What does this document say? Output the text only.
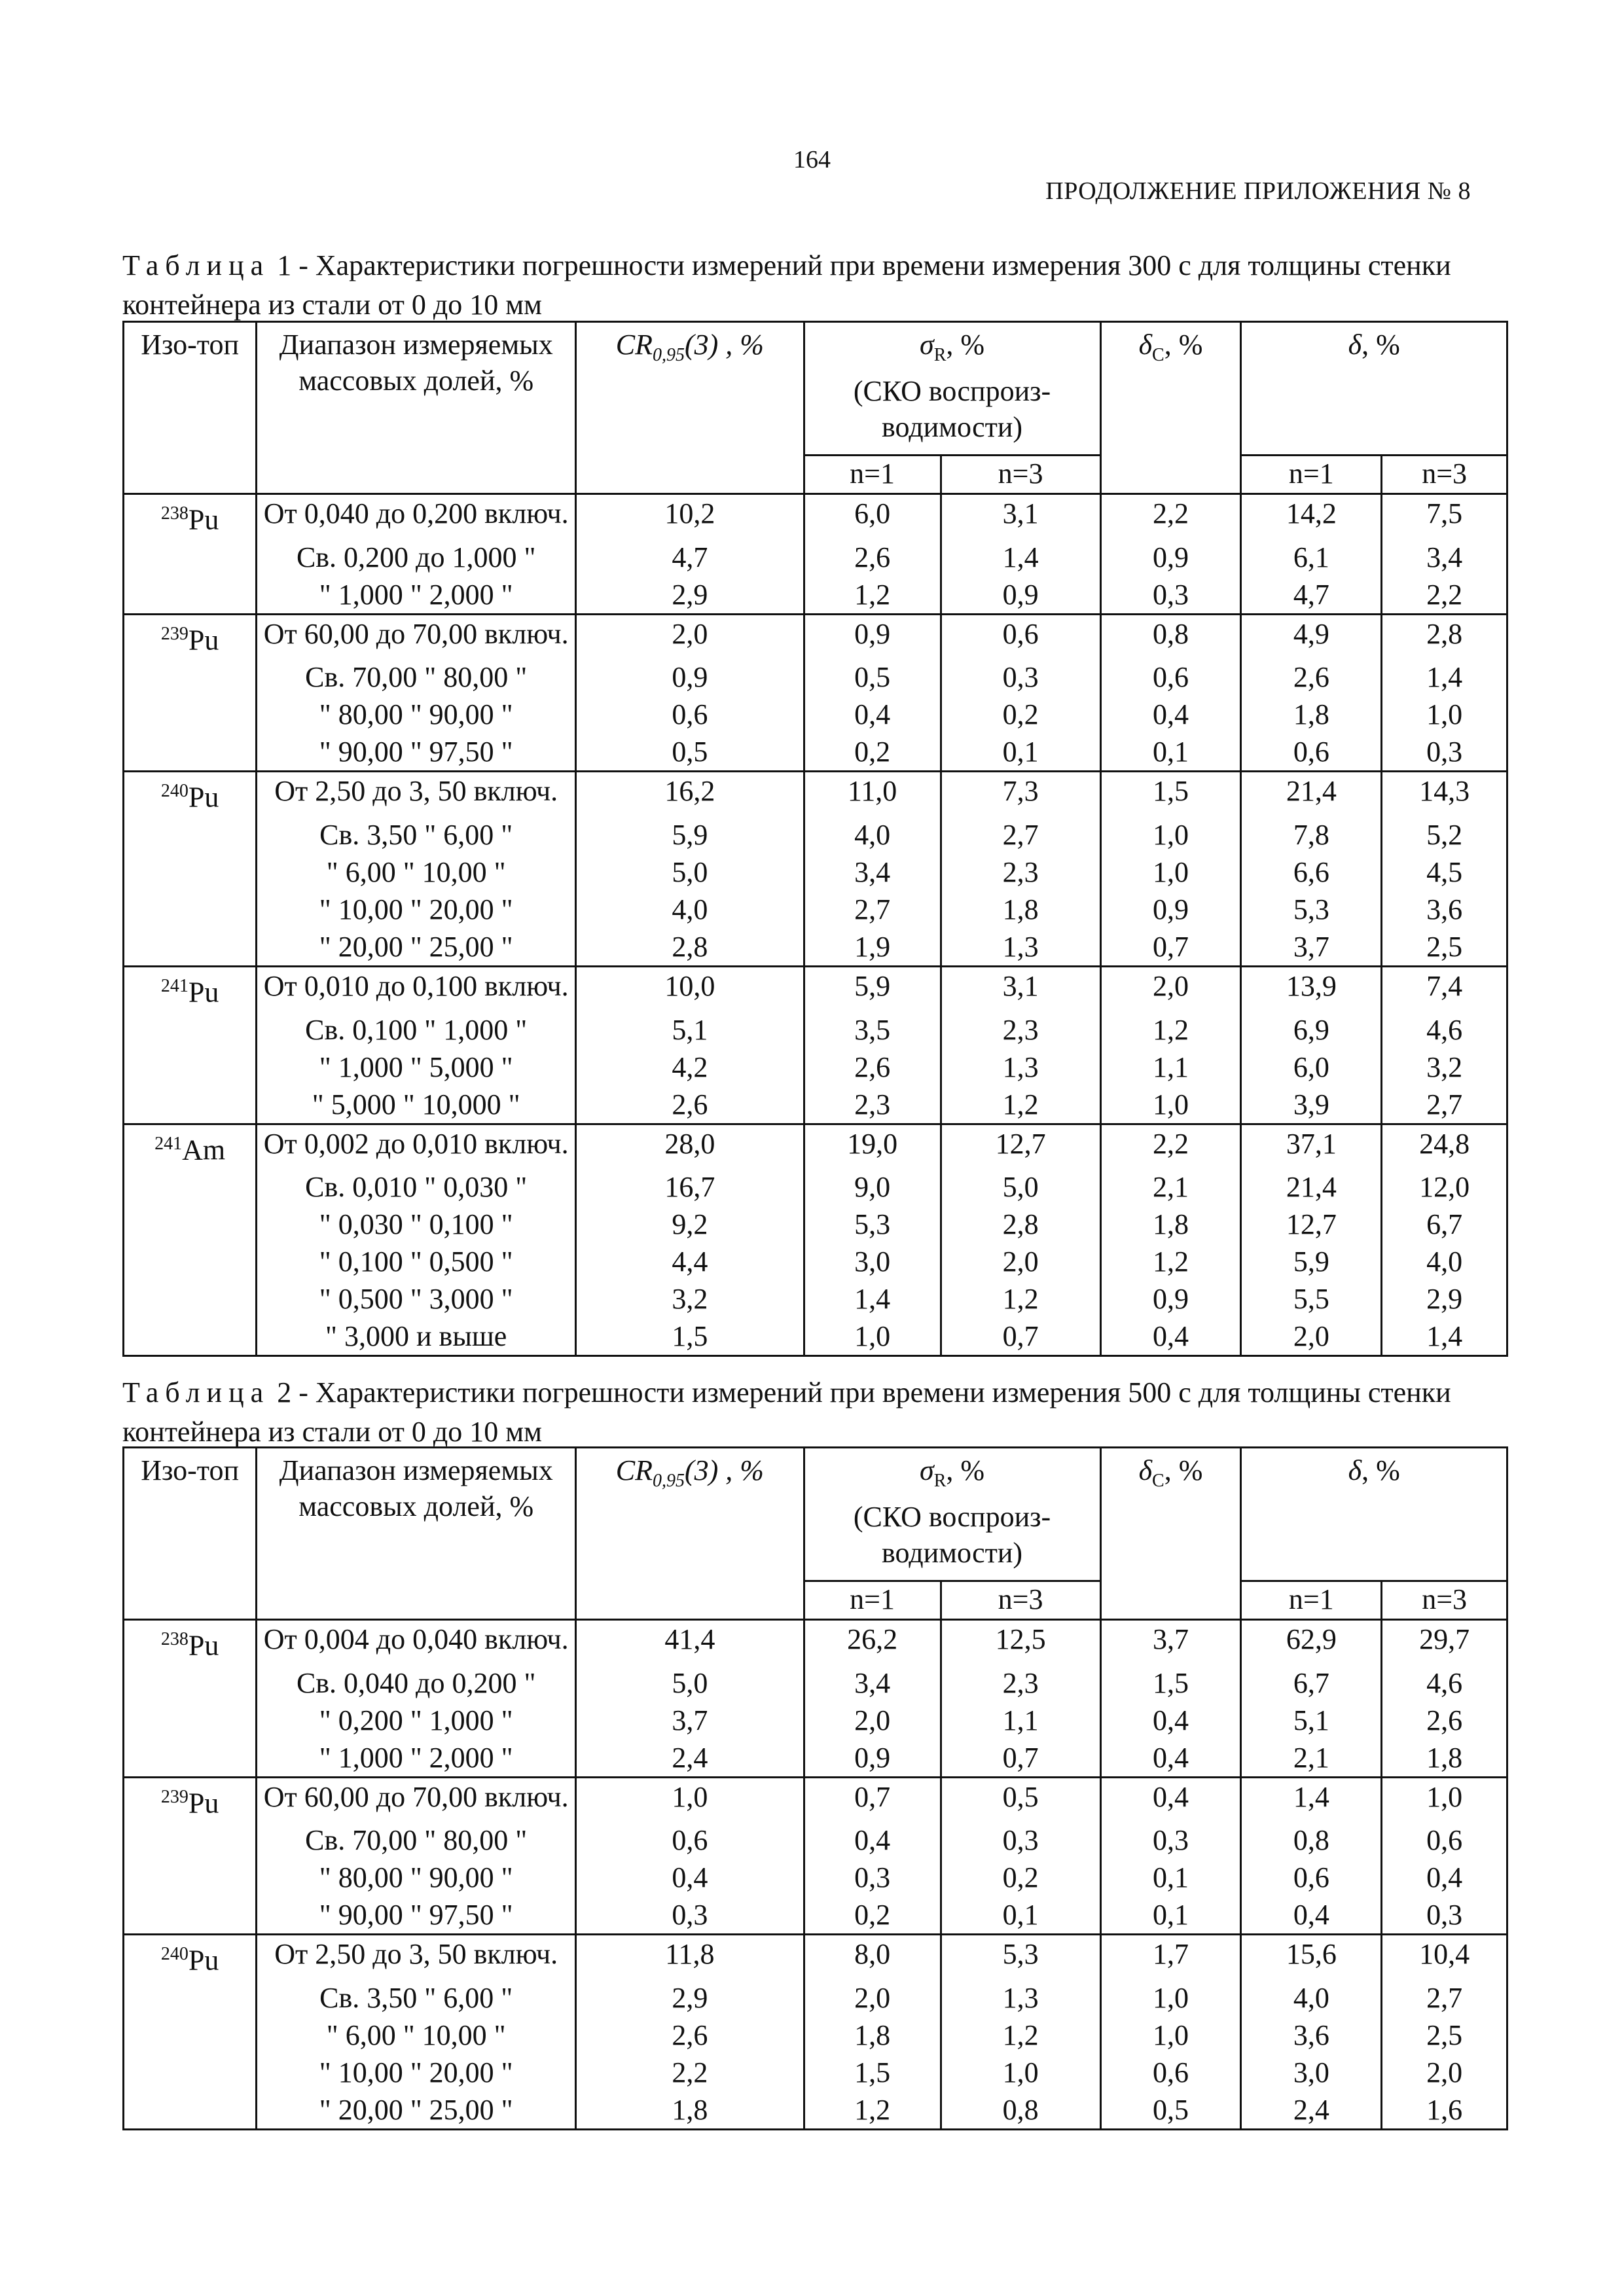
164
ПРОДОЛЖЕНИЕ ПРИЛОЖЕНИЯ № 8
Таблица 1 - Характеристики погрешности измерений при времени измерения 300 с для толщины стенки контейнера из стали от 0 до 10 мм
Изо-топ	Диапазон измеряемых массовых долей, %	$CR_{0,95}(3)$ , %	$\sigma_R$, %
(СКО воспроиз-водимости)		$\delta_C$, %	δ, %	
			n=1	n=3		n=1	n=3
$^{238}$Pu	От 0,040 до 0,200 включ.	10,2	6,0	3,1	2,2	14,2	7,5
	Св. 0,200 до 1,000 "	4,7	2,6	1,4	0,9	6,1	3,4
	" 1,000 " 2,000 "	2,9	1,2	0,9	0,3	4,7	2,2
$^{239}$Pu	От 60,00 до 70,00 включ.	2,0	0,9	0,6	0,8	4,9	2,8
	Св. 70,00 " 80,00 "	0,9	0,5	0,3	0,6	2,6	1,4
	" 80,00 " 90,00 "	0,6	0,4	0,2	0,4	1,8	1,0
	" 90,00 " 97,50 "	0,5	0,2	0,1	0,1	0,6	0,3
$^{240}$Pu	От 2,50 до 3, 50 включ.	16,2	11,0	7,3	1,5	21,4	14,3
	Св. 3,50 " 6,00 "	5,9	4,0	2,7	1,0	7,8	5,2
	" 6,00 " 10,00 "	5,0	3,4	2,3	1,0	6,6	4,5
	" 10,00 " 20,00 "	4,0	2,7	1,8	0,9	5,3	3,6
	" 20,00 " 25,00 "	2,8	1,9	1,3	0,7	3,7	2,5
$^{241}$Pu	От 0,010 до 0,100 включ.	10,0	5,9	3,1	2,0	13,9	7,4
	Св. 0,100 " 1,000 "	5,1	3,5	2,3	1,2	6,9	4,6
	" 1,000 " 5,000 "	4,2	2,6	1,3	1,1	6,0	3,2
	" 5,000 " 10,000 "	2,6	2,3	1,2	1,0	3,9	2,7
$^{241}$Am	От 0,002 до 0,010 включ.	28,0	19,0	12,7	2,2	37,1	24,8
	Св. 0,010 " 0,030 "	16,7	9,0	5,0	2,1	21,4	12,0
	" 0,030 " 0,100 "	9,2	5,3	2,8	1,8	12,7	6,7
	" 0,100 " 0,500 "	4,4	3,0	2,0	1,2	5,9	4,0
	" 0,500 " 3,000 "	3,2	1,4	1,2	0,9	5,5	2,9
	" 3,000 и выше	1,5	1,0	0,7	0,4	2,0	1,4
Таблица 2 - Характеристики погрешности измерений при времени измерения 500 с для толщины стенки контейнера из стали от 0 до 10 мм
Изо-топ	Диапазон измеряемых массовых долей, %	$CR_{0,95}(3)$ , %	$\sigma_R$, %
(СКО воспроиз-водимости)		$\delta_C$, %	δ, %	
			n=1	n=3		n=1	n=3
$^{238}$Pu	От 0,004 до 0,040 включ.	41,4	26,2	12,5	3,7	62,9	29,7
	Св. 0,040 до 0,200 "	5,0	3,4	2,3	1,5	6,7	4,6
	" 0,200 " 1,000 "	3,7	2,0	1,1	0,4	5,1	2,6
	" 1,000 " 2,000 "	2,4	0,9	0,7	0,4	2,1	1,8
$^{239}$Pu	От 60,00 до 70,00 включ.	1,0	0,7	0,5	0,4	1,4	1,0
	Св. 70,00 " 80,00 "	0,6	0,4	0,3	0,3	0,8	0,6
	" 80,00 " 90,00 "	0,4	0,3	0,2	0,1	0,6	0,4
	" 90,00 " 97,50 "	0,3	0,2	0,1	0,1	0,4	0,3
$^{240}$Pu	От 2,50 до 3, 50 включ.	11,8	8,0	5,3	1,7	15,6	10,4
	Св. 3,50 " 6,00 "	2,9	2,0	1,3	1,0	4,0	2,7
	" 6,00 " 10,00 "	2,6	1,8	1,2	1,0	3,6	2,5
	" 10,00 " 20,00 "	2,2	1,5	1,0	0,6	3,0	2,0
	" 20,00 " 25,00 "	1,8	1,2	0,8	0,5	2,4	1,6
